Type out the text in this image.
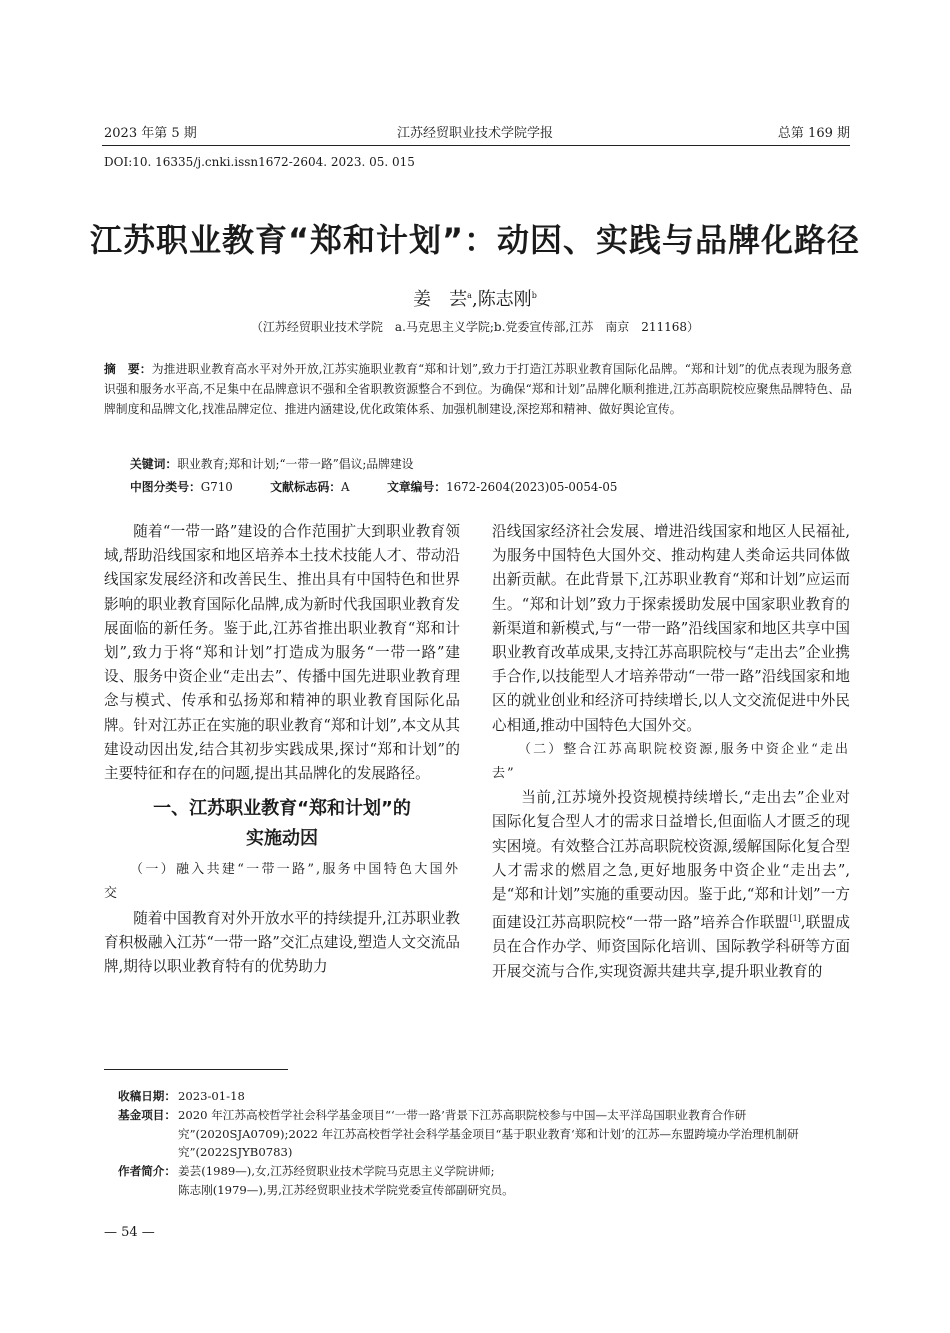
2023 年第 5 期	江苏经贸职业技术学院学报	总第 169 期
DOI:10. 16335/j.cnki.issn1672-2604. 2023. 05. 015
江苏职业教育“郑和计划”：动因、实践与品牌化路径
姜　芸$^a$,陈志刚$^b$
（江苏经贸职业技术学院　a.马克思主义学院;b.党委宣传部,江苏　南京　211168）
摘　要：为推进职业教育高水平对外开放,江苏实施职业教育“郑和计划”,致力于打造江苏职业教育国际化品牌。“郑和计划”的优点表现为服务意识强和服务水平高,不足集中在品牌意识不强和全省职教资源整合不到位。为确保“郑和计划”品牌化顺利推进,江苏高职院校应聚焦品牌特色、品牌制度和品牌文化,找准品牌定位、推进内涵建设,优化政策体系、加强机制建设,深挖郑和精神、做好舆论宣传。
关键词：职业教育;郑和计划;“一带一路”倡议;品牌建设
中图分类号：G710	文献标志码：A	文章编号：1672-2604(2023)05-0054-05

随着“一带一路”建设的合作范围扩大到职业教育领域,帮助沿线国家和地区培养本土技术技能人才、带动沿线国家发展经济和改善民生、推出具有中国特色和世界影响的职业教育国际化品牌,成为新时代我国职业教育发展面临的新任务。鉴于此,江苏省推出职业教育“郑和计划”,致力于将“郑和计划”打造成为服务“一带一路”建设、服务中资企业“走出去”、传播中国先进职业教育理念与模式、传承和弘扬郑和精神的职业教育国际化品牌。针对江苏正在实施的职业教育“郑和计划”,本文从其建设动因出发,结合其初步实践成果,探讨“郑和计划”的主要特征和存在的问题,提出其品牌化的发展路径。

一、江苏职业教育“郑和计划”的
实施动因

（一）融入共建“一带一路”,服务中国特色大国外交

随着中国教育对外开放水平的持续提升,江苏职业教育积极融入江苏“一带一路”交汇点建设,塑造人文交流品牌,期待以职业教育特有的优势助力

沿线国家经济社会发展、增进沿线国家和地区人民福祉,为服务中国特色大国外交、推动构建人类命运共同体做出新贡献。在此背景下,江苏职业教育“郑和计划”应运而生。“郑和计划”致力于探索援助发展中国家职业教育的新渠道和新模式,与“一带一路”沿线国家和地区共享中国职业教育改革成果,支持江苏高职院校与“走出去”企业携手合作,以技能型人才培养带动“一带一路”沿线国家和地区的就业创业和经济可持续增长,以人文交流促进中外民心相通,推动中国特色大国外交。

（二）整合江苏高职院校资源,服务中资企业“走出去”

当前,江苏境外投资规模持续增长,“走出去”企业对国际化复合型人才的需求日益增长,但面临人才匮乏的现实困境。有效整合江苏高职院校资源,缓解国际化复合型人才需求的燃眉之急,更好地服务中资企业“走出去”,是“郑和计划”实施的重要动因。鉴于此,“郑和计划”一方面建设江苏高职院校“一带一路”培养合作联盟[1],联盟成员在合作办学、师资国际化培训、国际教学科研等方面开展交流与合作,实现资源共建共享,提升职业教育的

收稿日期： 2023-01-18
基金项目： 2020 年江苏高校哲学社会科学基金项目“‘一带一路’背景下江苏高职院校参与中国—太平洋岛国职业教育合作研究”(2020SJA0709);2022 年江苏高校哲学社会科学基金项目“基于职业教育‘郑和计划’的江苏—东盟跨境办学治理机制研究”(2022SJYB0783)
作者简介： 姜芸(1989—),女,江苏经贸职业技术学院马克思主义学院讲师;
陈志刚(1979—),男,江苏经贸职业技术学院党委宣传部副研究员。
— 54 —
